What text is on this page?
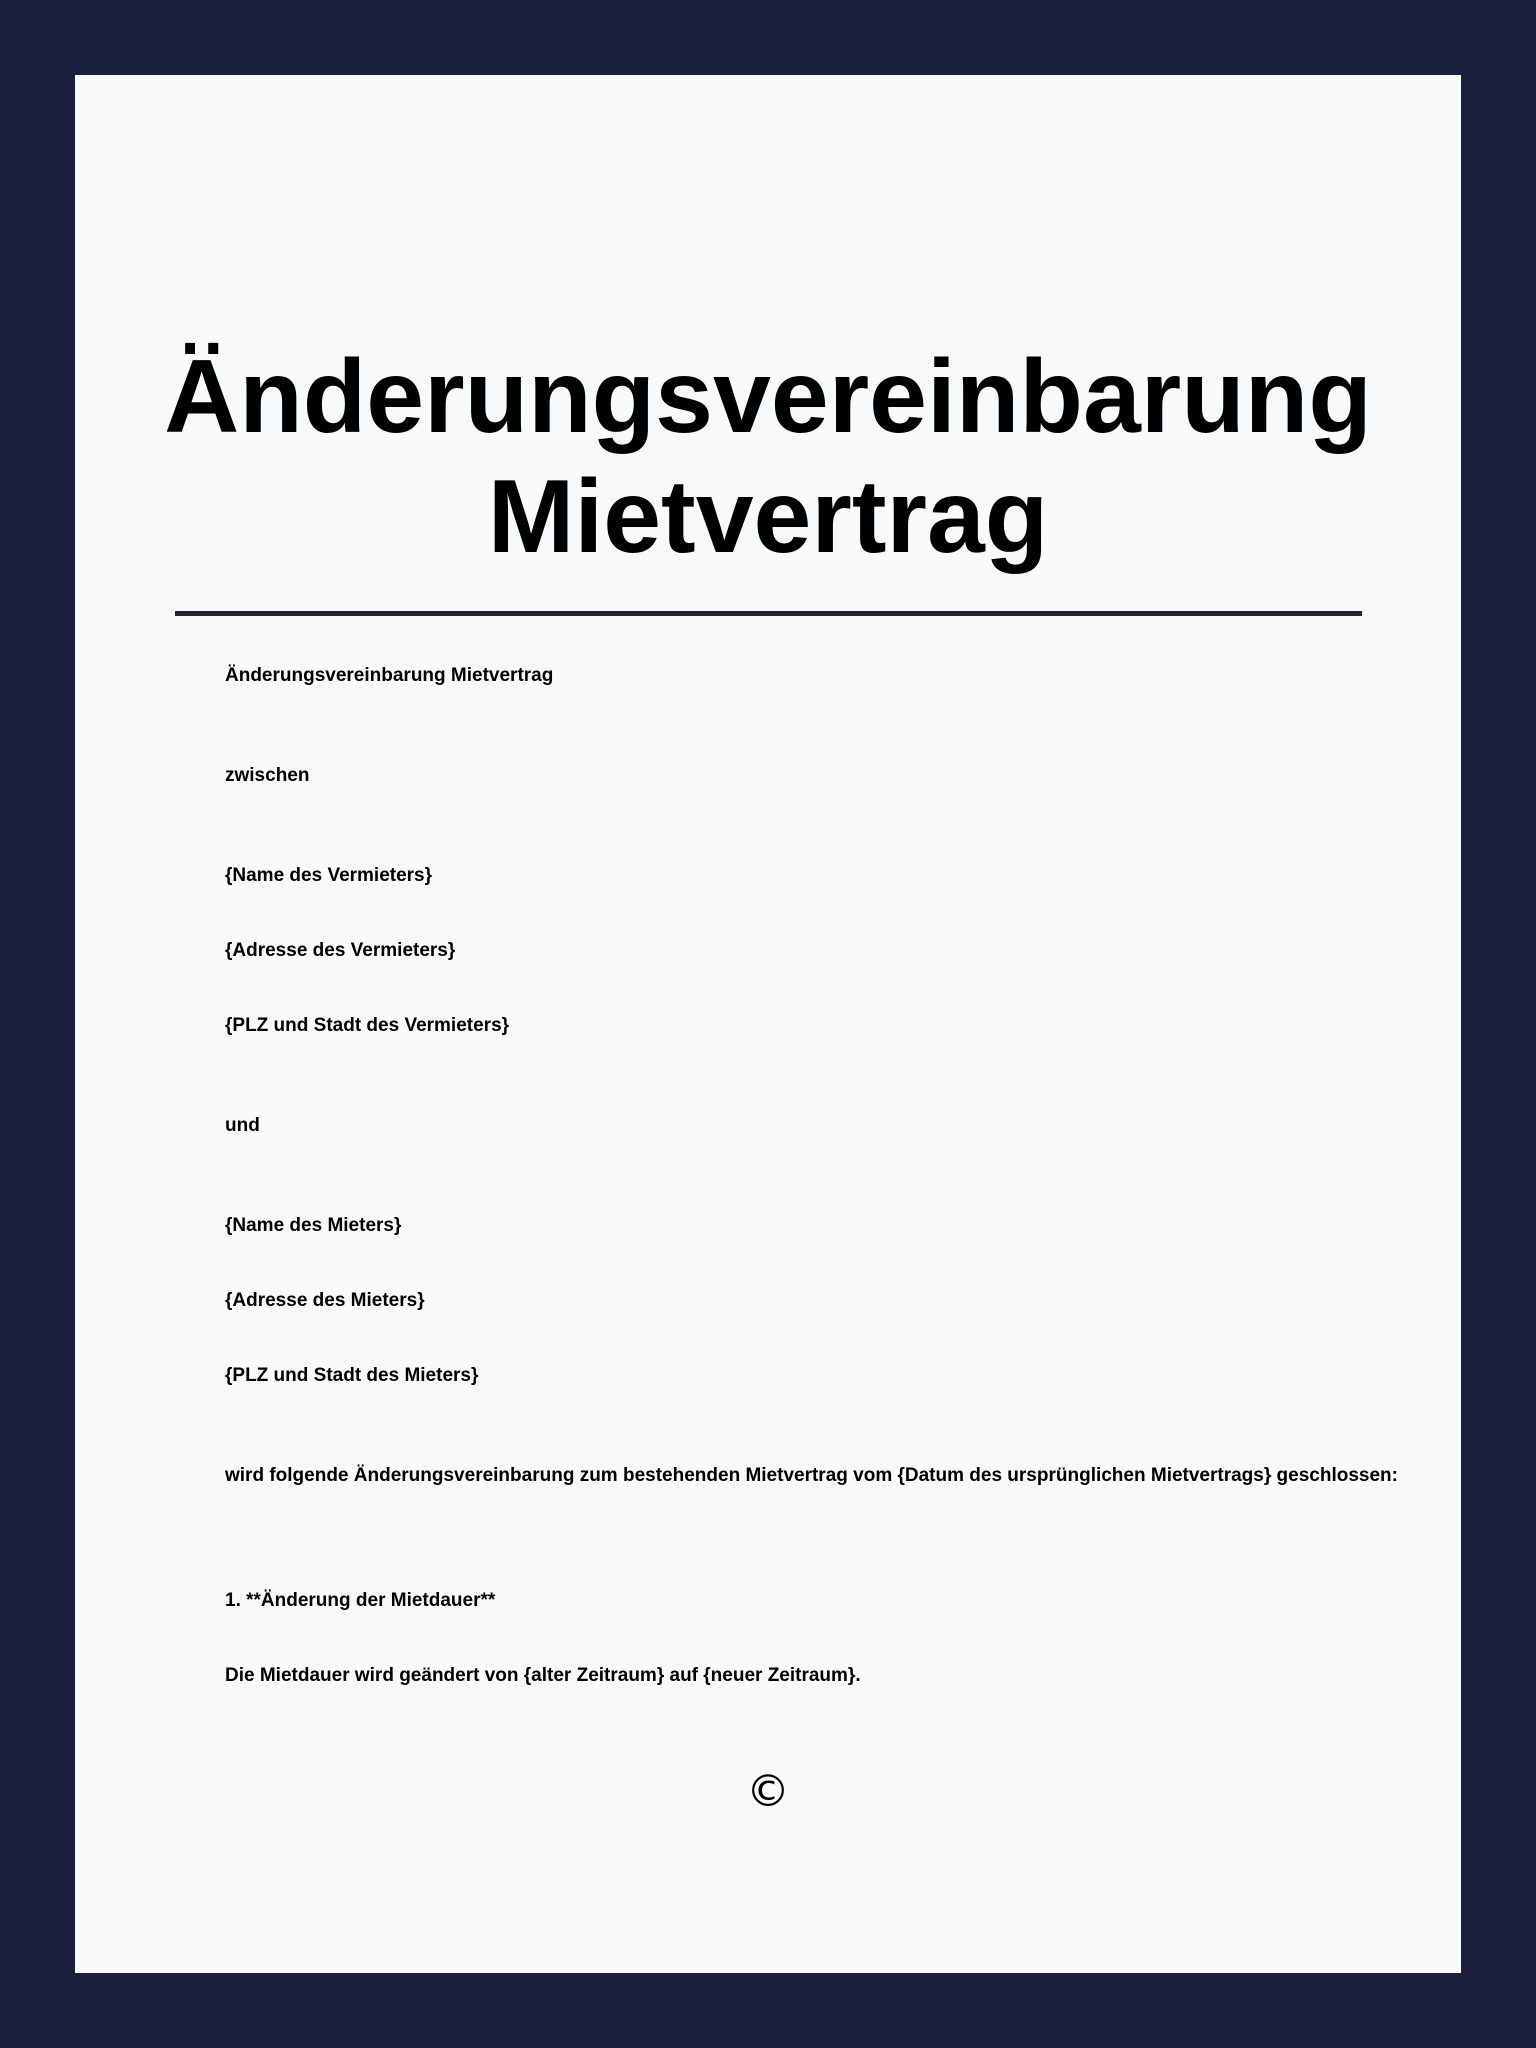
Änderungsvereinbarung
Mietvertrag

Änderungsvereinbarung Mietvertrag

zwischen

{Name des Vermieters}

{Adresse des Vermieters}

{PLZ und Stadt des Vermieters}

und

{Name des Mieters}

{Adresse des Mieters}

{PLZ und Stadt des Mieters}

wird folgende Änderungsvereinbarung zum bestehenden Mietvertrag vom {Datum des ursprünglichen Mietvertrags} geschlossen:

1. **Änderung der Mietdauer**

Die Mietdauer wird geändert von {alter Zeitraum} auf {neuer Zeitraum}.

©
